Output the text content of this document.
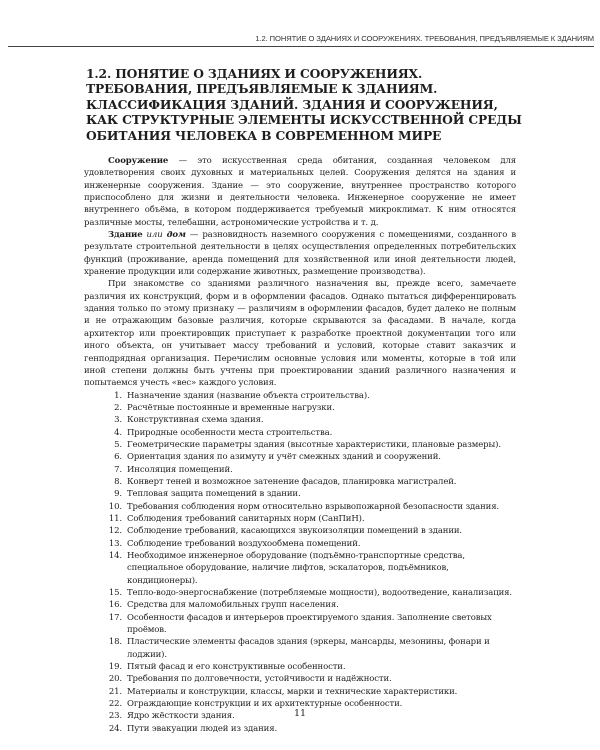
1.2. ПОНЯТИЕ О ЗДАНИЯХ И СООРУЖЕНИЯХ. ТРЕБОВАНИЯ, ПРЕДЪЯВЛЯЕМЫЕ К ЗДАНИЯМ
1.2. ПОНЯТИЕ О ЗДАНИЯХ И СООРУЖЕНИЯХ.
ТРЕБОВАНИЯ, ПРЕДЪЯВЛЯЕМЫЕ К ЗДАНИЯМ.
КЛАССИФИКАЦИЯ ЗДАНИЙ. ЗДАНИЯ И СООРУЖЕНИЯ,
КАК СТРУКТУРНЫЕ ЭЛЕМЕНТЫ ИСКУССТВЕННОЙ СРЕДЫ
ОБИТАНИЯ ЧЕЛОВЕКА В СОВРЕМЕННОМ МИРЕ

Сооружение — это искусственная среда обитания, созданная человеком для удовлетворения своих духовных и материальных целей. Сооружения делятся на здания и инженерные сооружения. Здание — это сооружение, внутреннее пространство которого приспособлено для жизни и деятельности человека. Инженерное сооружение не имеет внутреннего объёма, в котором поддерживается требуемый микроклимат. К ним относятся различные мосты, телебашни, астрономические устройства и т. д.

Здание или дом — разновидность наземного сооружения с помещениями, созданного в результате строительной деятельности в целях осуществления определенных потребительских функций (проживание, аренда помещений для хозяйственной или иной деятельности людей, хранение продукции или содержание животных, размещение производства).

При знакомстве со зданиями различного назначения вы, прежде всего, замечаете различия их конструкций, форм и в оформлении фасадов. Однако пытаться дифференцировать здания только по этому признаку — различиям в оформлении фасадов, будет далеко не полным и не отражающим базовые различия, которые скрываются за фасадами. В начале, когда архитектор или проектировщик приступает к разработке проектной документации того или иного объекта, он учитывает массу требований и условий, которые ставит заказчик и генподрядная организация. Перечислим основные условия или моменты, которые в той или иной степени должны быть учтены при проектировании зданий различного назначения и попытаемся учесть «вес» каждого условия.

1. Назначение здания (название объекта строительства).
2. Расчётные постоянные и временные нагрузки.
3. Конструктивная схема здания.
4. Природные особенности места строительства.
5. Геометрические параметры здания (высотные характеристики, плановые размеры).
6. Ориентация здания по азимуту и учёт смежных зданий и сооружений.
7. Инсоляция помещений.
8. Конверт теней и возможное затенение фасадов, планировка магистралей.
9. Тепловая защита помещений в здании.
10. Требования соблюдения норм относительно взрывопожарной безопасности здания.
11. Соблюдения требований санитарных норм (СанПиН).
12. Соблюдение требований, касающихся звукоизоляции помещений в здании.
13. Соблюдение требований воздухообмена помещений.
14. Необходимое инженерное оборудование (подъёмно-транспортные средства, специальное оборудование, наличие лифтов, эскалаторов, подъёмников, кондиционеры).
15. Тепло-водо-энергоснабжение (потребляемые мощности), водоотведение, канализация.
16. Средства для маломобильных групп населения.
17. Особенности фасадов и интерьеров проектируемого здания. Заполнение световых проёмов.
18. Пластические элементы фасадов здания (эркеры, мансарды, мезонины, фонари и лоджии).
19. Пятый фасад и его конструктивные особенности.
20. Требования по долговечности, устойчивости и надёжности.
21. Материалы и конструкции, классы, марки и технические характеристики.
22. Ограждающие конструкции и их архитектурные особенности.
23. Ядро жёсткости здания.
24. Пути эвакуации людей из здания.
11
